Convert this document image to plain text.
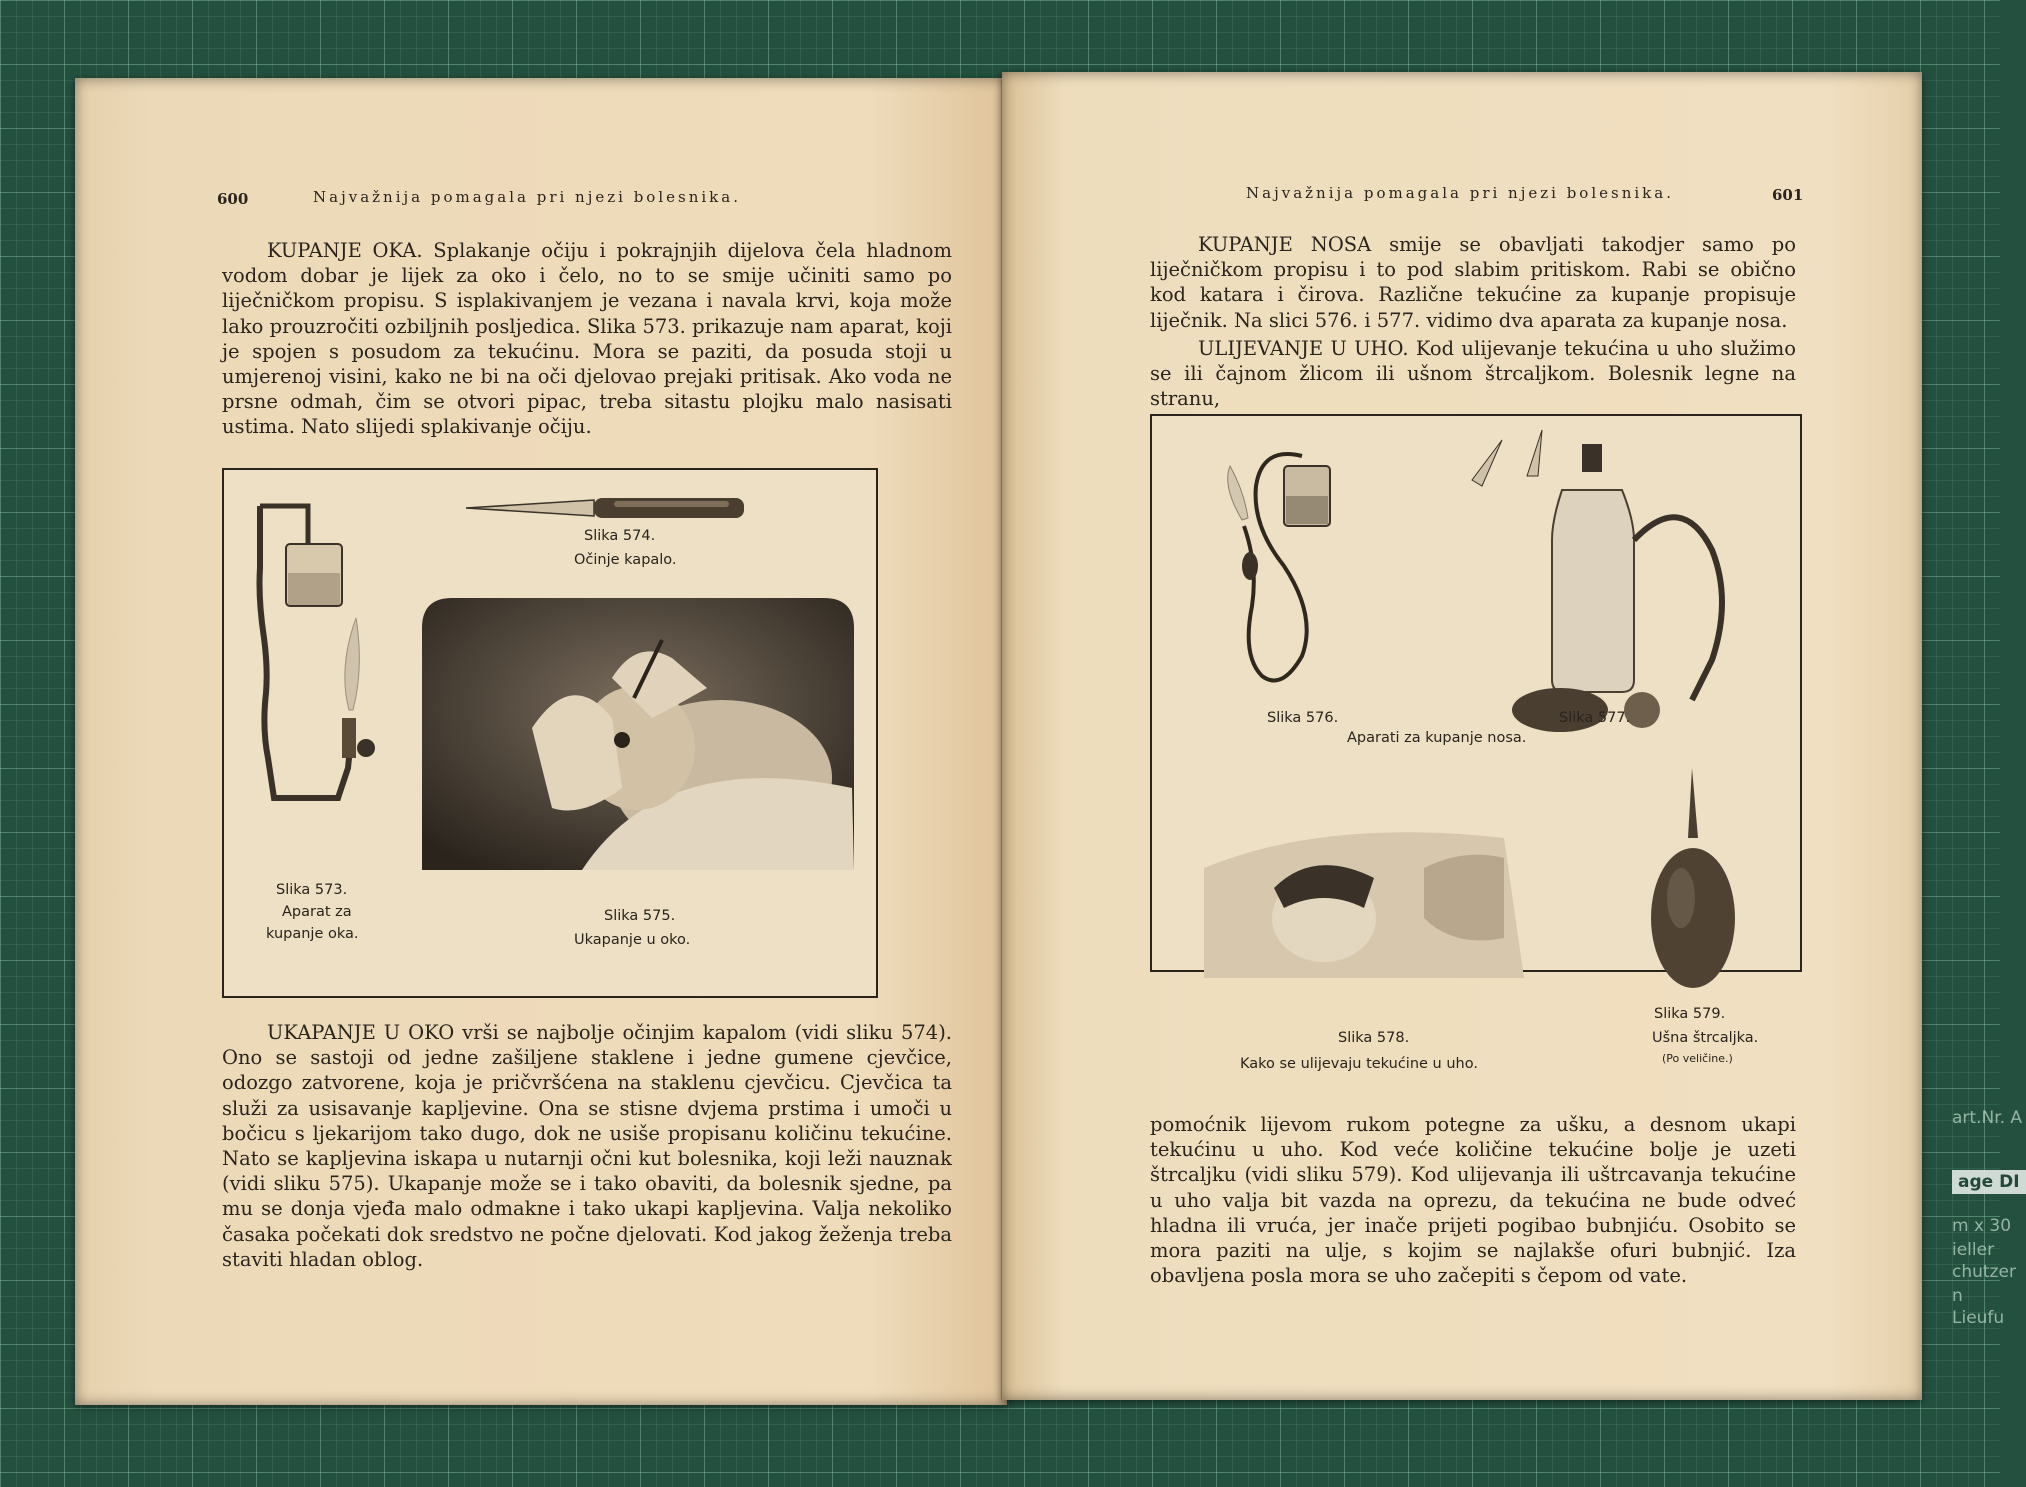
art.Nr. A
age DI
m x 30
ieller
chutzer
n
Lieufu
600	Najvažnija pomagala pri njezi bolesnika.
KUPANJE OKA. Splakanje očiju i pokrajnjih dijelova čela hladnom vodom dobar je lijek za oko i čelo, no to se smije učiniti samo po liječničkom propisu. S isplakivanjem je vezana i navala krvi, koja može lako prouzročiti ozbiljnih posljedica. Slika 573. prikazuje nam aparat, koji je spojen s posudom za tekućinu. Mora se paziti, da posuda stoji u umjerenoj visini, kako ne bi na oči djelovao prejaki pritisak. Ako voda ne prsne odmah, čim se otvori pipac, treba sitastu plojku malo nasisati ustima. Nato slijedi splakivanje očiju.
Slika 574.
Očinje kapalo.
Slika 573.
Aparat za
kupanje oka.
Slika 575.
Ukapanje u oko.
UKAPANJE U OKO vrši se najbolje očinjim kapalom (vidi sliku 574). Ono se sastoji od jedne zašiljene staklene i jedne gumene cjevčice, odozgo zatvorene, koja je pričvršćena na staklenu cjevčicu. Cjevčica ta služi za usisavanje kapljevine. Ona se stisne dvjema prstima i umoči u bočicu s ljekarijom tako dugo, dok ne usiše propisanu količinu tekućine. Nato se kapljevina iskapa u nutarnji očni kut bolesnika, koji leži nauznak (vidi sliku 575). Ukapanje može se i tako obaviti, da bolesnik sjedne, pa mu se donja vjeđa malo odmakne i tako ukapi kapljevina. Valja nekoliko časaka počekati dok sredstvo ne počne djelovati. Kod jakog žeženja treba staviti hladan oblog.
Najvažnija pomagala pri njezi bolesnika.	601
KUPANJE NOSA smije se obavljati takodjer samo po liječničkom propisu i to pod slabim pritiskom. Rabi se obično kod katara i čirova. Različne tekućine za kupanje propisuje liječnik. Na slici 576. i 577. vidimo dva aparata za kupanje nosa.
ULIJEVANJE U UHO. Kod ulijevanje tekućina u uho služimo se ili čajnom žlicom ili ušnom štrcaljkom. Bolesnik legne na stranu,
Slika 576.	Slika 577.
Aparati za kupanje nosa.
Slika 578.
Kako se ulijevaju tekućine u uho.
Slika 579.
Ušna štrcaljka.
(Po veličine.)
pomoćnik lijevom rukom potegne za ušku, a desnom ukapi tekućinu u uho. Kod veće količine tekućine bolje je uzeti štrcaljku (vidi sliku 579). Kod ulijevanja ili uštrcavanja tekućine u uho valja bit vazda na oprezu, da tekućina ne bude odveć hladna ili vruća, jer inače prijeti pogibao bubnjiću. Osobito se mora paziti na ulje, s kojim se najlakše ofuri bubnjić. Iza obavljena posla mora se uho začepiti s čepom od vate.
